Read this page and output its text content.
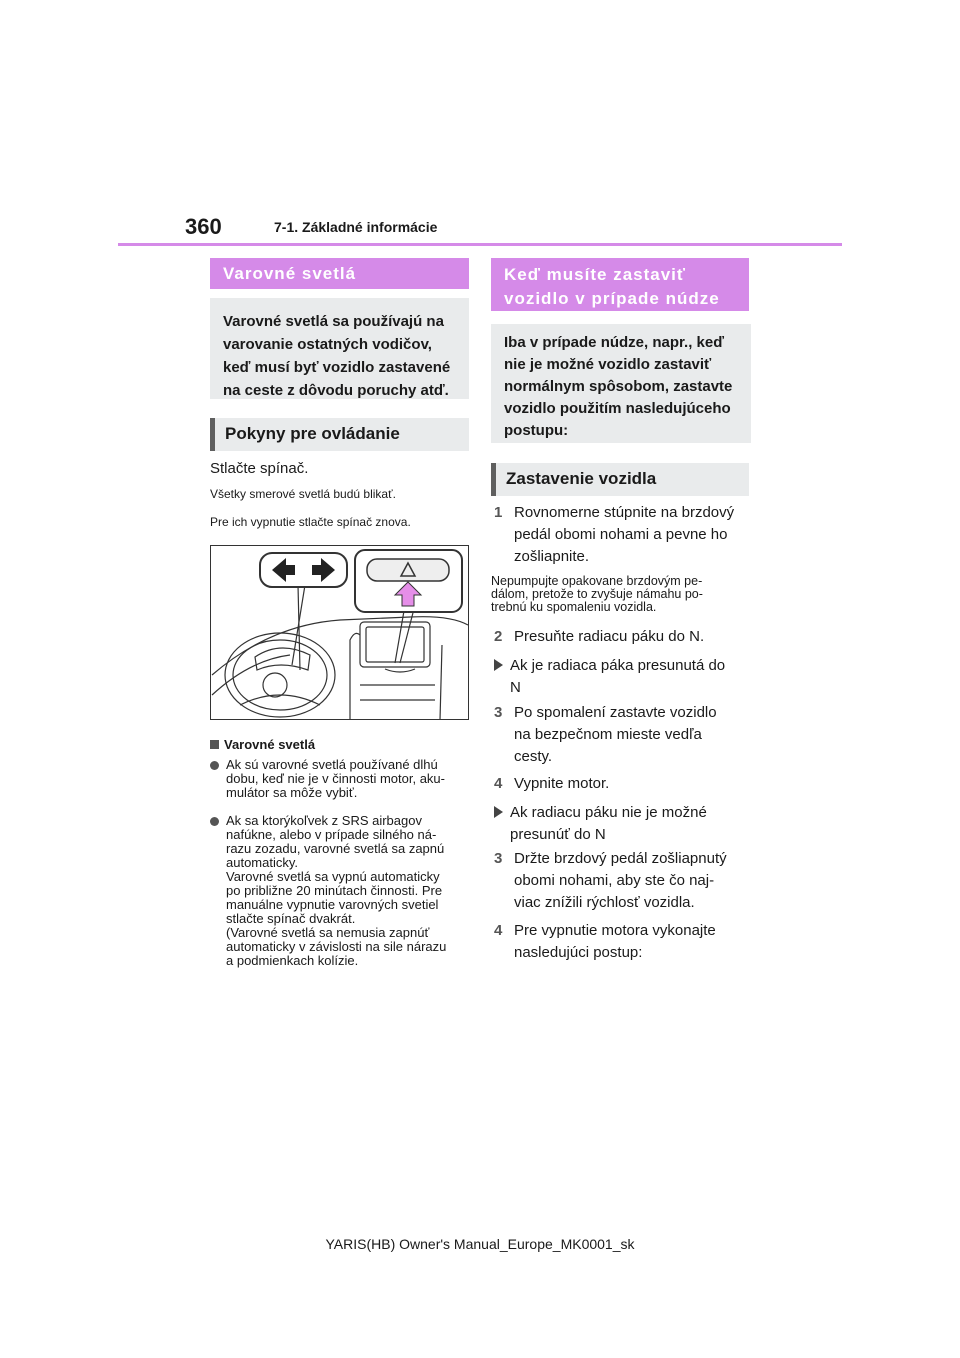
360	7-1. Základné informácie
Varovné svetlá
Varovné svetlá sa používajú na
varovanie ostatných vodičov,
keď musí byť vozidlo zastavené
na ceste z dôvodu poruchy atď.
Pokyny pre ovládanie
Stlačte spínač.
Všetky smerové svetlá budú blikať.
Pre ich vypnutie stlačte spínač znova.
Varovné svetlá
Ak sú varovné svetlá používané dlhú
dobu, keď nie je v činnosti motor, aku-
mulátor sa môže vybiť.
Ak sa ktorýkoľvek z SRS airbagov
nafúkne, alebo v prípade silného ná-
razu zozadu, varovné svetlá sa zapnú
automaticky.
Varovné svetlá sa vypnú automaticky
po približne 20 minútach činnosti. Pre
manuálne vypnutie varovných svetiel
stlačte spínač dvakrát.
(Varovné svetlá sa nemusia zapnúť
automaticky v závislosti na sile nárazu
a podmienkach kolízie.
Keď musíte zastaviť
vozidlo v prípade núdze
Iba v prípade núdze, napr., keď
nie je možné vozidlo zastaviť
normálnym spôsobom, zastavte
vozidlo použitím nasledujúceho
postupu:
Zastavenie vozidla
1 Rovnomerne stúpnite na brzdový
pedál obomi nohami a pevne ho
zošliapnite.
Nepumpujte opakovane brzdovým pe-
dálom, pretože to zvyšuje námahu po-
trebnú ku spomaleniu vozidla.
2 Presuňte radiacu páku do N.
Ak je radiaca páka presunutá do
N
3 Po spomalení zastavte vozidlo
na bezpečnom mieste vedľa
cesty.
4 Vypnite motor.
Ak radiacu páku nie je možné
presunúť do N
3 Držte brzdový pedál zošliapnutý
obomi nohami, aby ste čo naj-
viac znížili rýchlosť vozidla.
4 Pre vypnutie motora vykonajte
nasledujúci postup:
YARIS(HB) Owner's Manual_Europe_MK0001_sk
